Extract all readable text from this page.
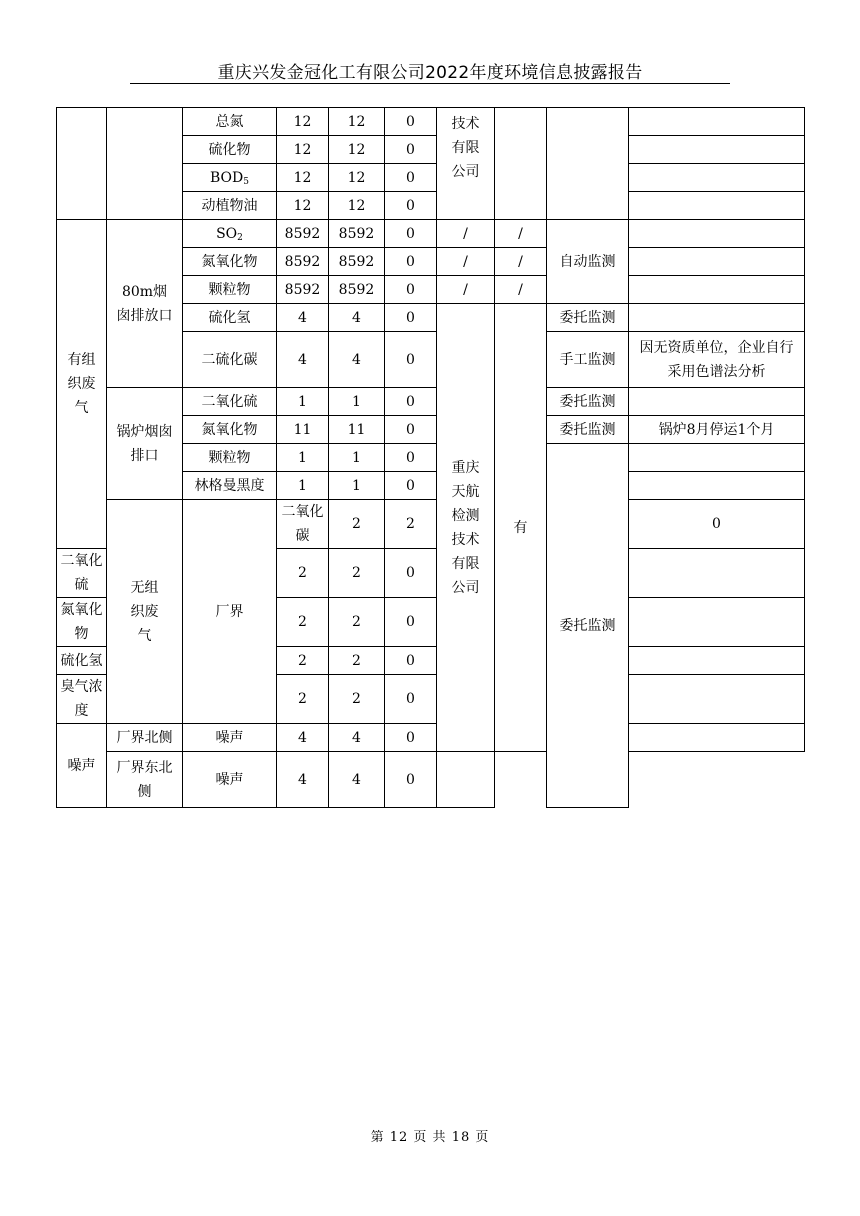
重庆兴发金冠化工有限公司2022年度环境信息披露报告
		总氮	12	12	0	技术有限公司				
		硫化物	12	12	0					
		$BOD_5$	12	12	0					
		动植物油	12	12	0					
有组织废气	80m烟囱排放口	$SO_2$	8592	8592	0	/	/	自动监测		
		氮氧化物	8592	8592	0	/	/			
		颗粒物	8592	8592	0	/	/			
		硫化氢	4	4	0	重庆天航检测技术有限公司	有	委托监测		
		二硫化碳	4	4	0			手工监测	因无资质单位，企业自行采用色谱法分析	
	锅炉烟囱排口	二氧化硫	1	1	0			委托监测		
		氮氧化物	11	11	0			委托监测	锅炉8月停运1个月	
		颗粒物	1	1	0			委托监测		
		林格曼黑度	1	1	0					
	无组织废气	厂界	二氧化碳	2	2				0	
二氧化硫			2	2	0					
氮氧化物			2	2	0					
硫化氢			2	2	0					
臭气浓度			2	2	0					
噪声	厂界北侧	噪声	4	4	0					
	厂界东北侧	噪声	4	4	0					
第 12 页 共 18 页
